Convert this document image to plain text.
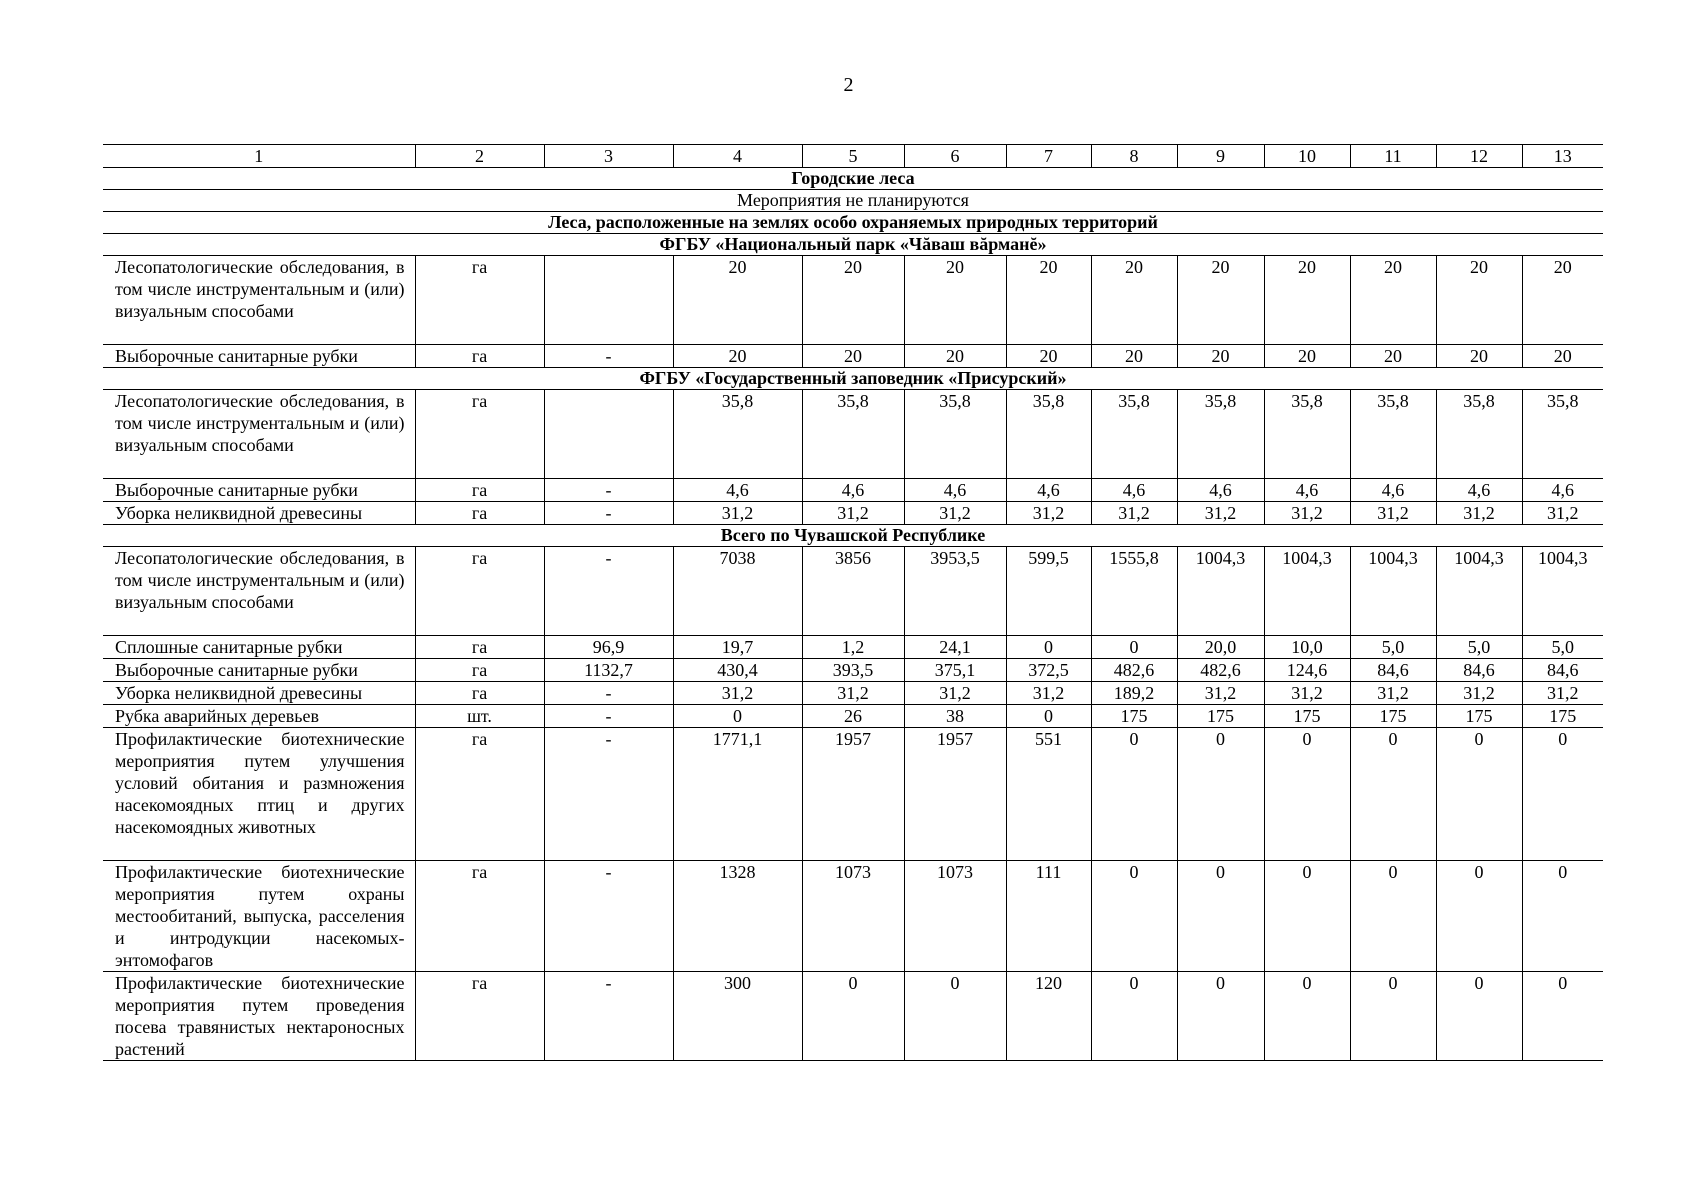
2
1	2	3	4	5	6	7	8	9	10	11	12	13
Городские леса												
Мероприятия не планируются												
Леса, расположенные на землях особо охраняемых природных территорий												
ФГБУ «Национальный парк «Чăваш вăрманĕ»												
Лесопатологические обследования, в том числе инструментальным и (или) визуальным способами	га		20	20	20	20	20	20	20	20	20	20
Выборочные санитарные рубки	га	-	20	20	20	20	20	20	20	20	20	20
ФГБУ «Государственный заповедник «Присурский»												
Лесопатологические обследования, в том числе инструментальным и (или) визуальным способами	га		35,8	35,8	35,8	35,8	35,8	35,8	35,8	35,8	35,8	35,8
Выборочные санитарные рубки	га	-	4,6	4,6	4,6	4,6	4,6	4,6	4,6	4,6	4,6	4,6
Уборка неликвидной древесины	га	-	31,2	31,2	31,2	31,2	31,2	31,2	31,2	31,2	31,2	31,2
Всего по Чувашской Республике												
Лесопатологические обследования, в том числе инструментальным и (или) визуальным способами	га	-	7038	3856	3953,5	599,5	1555,8	1004,3	1004,3	1004,3	1004,3	1004,3
Сплошные санитарные рубки	га	96,9	19,7	1,2	24,1	0	0	20,0	10,0	5,0	5,0	5,0
Выборочные санитарные рубки	га	1132,7	430,4	393,5	375,1	372,5	482,6	482,6	124,6	84,6	84,6	84,6
Уборка неликвидной древесины	га	-	31,2	31,2	31,2	31,2	189,2	31,2	31,2	31,2	31,2	31,2
Рубка аварийных деревьев	шт.	-	0	26	38	0	175	175	175	175	175	175
Профилактические биотехнические мероприятия путем улучшения условий обитания и размножения насекомоядных птиц и других насекомоядных животных	га	-	1771,1	1957	1957	551	0	0	0	0	0	0
Профилактические биотехнические мероприятия путем охраны местообитаний, выпуска, расселения и интродукции насекомых-энтомофагов	га	-	1328	1073	1073	111	0	0	0	0	0	0
Профилактические биотехнические мероприятия путем проведения посева травянистых нектароносных растений	га	-	300	0	0	120	0	0	0	0	0	0
